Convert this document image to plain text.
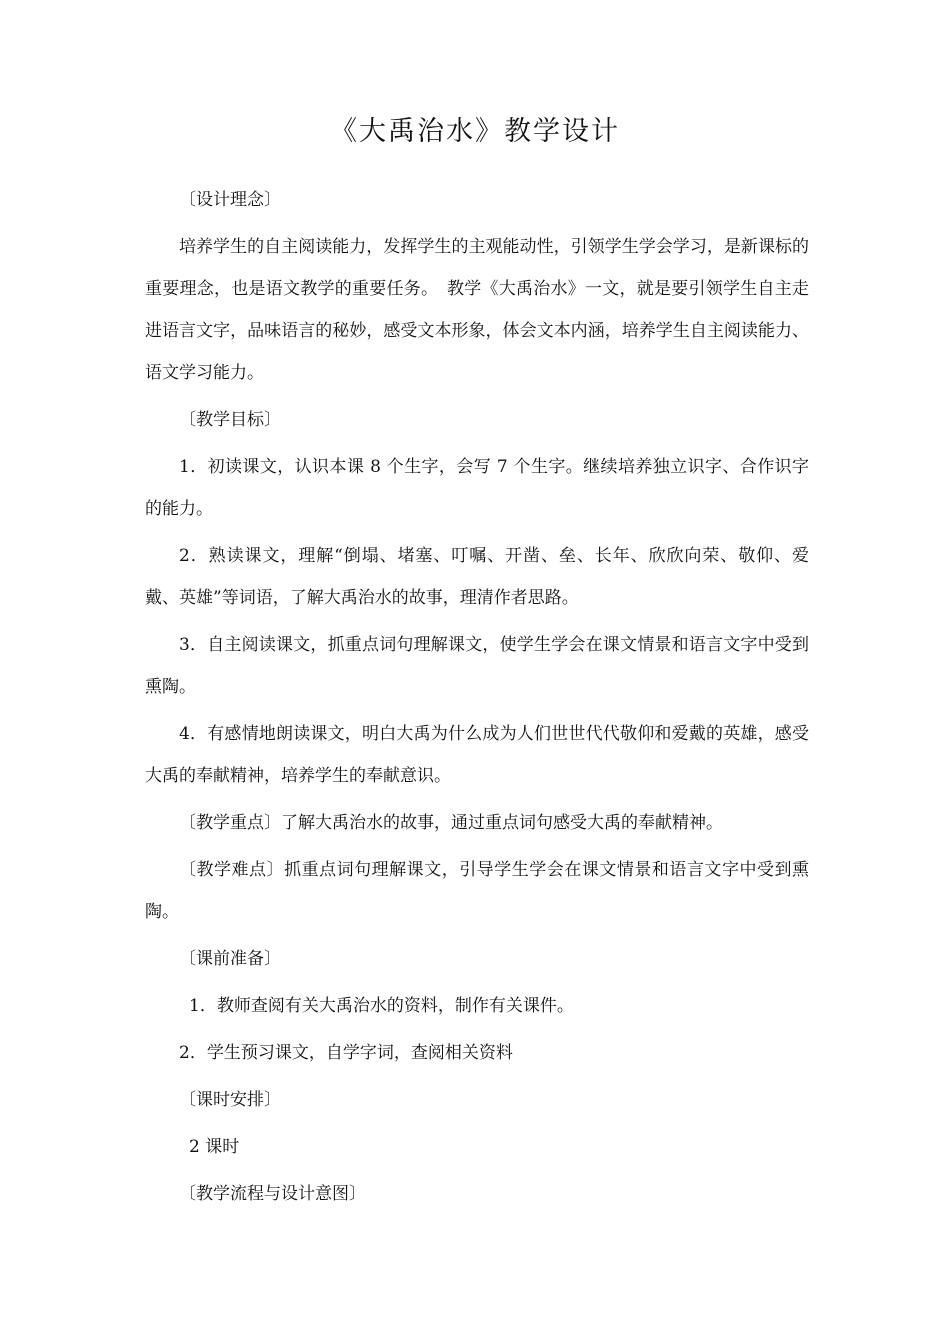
《大禹治水》教学设计

〔设计理念〕

培养学生的自主阅读能力，发挥学生的主观能动性，引领学生学会学习，是新课标的重要理念，也是语文教学的重要任务。　教学《大禹治水》一文，就是要引领学生自主走进语言文字，品味语言的秘妙，感受文本形象，体会文本内涵，培养学生自主阅读能力、语文学习能力。

〔教学目标〕

1．初读课文，认识本课 8 个生字，会写 7 个生字。继续培养独立识字、合作识字的能力。

2．熟读课文，理解“倒塌、堵塞、叮嘱、开凿、垒、长年、欣欣向荣、敬仰、爱戴、英雄”等词语，了解大禹治水的故事，理清作者思路。

3．自主阅读课文，抓重点词句理解课文，使学生学会在课文情景和语言文字中受到熏陶。

4．有感情地朗读课文，明白大禹为什么成为人们世世代代敬仰和爱戴的英雄，感受大禹的奉献精神，培养学生的奉献意识。

〔教学重点〕了解大禹治水的故事，通过重点词句感受大禹的奉献精神。

〔教学难点〕抓重点词句理解课文，引导学生学会在课文情景和语言文字中受到熏陶。

〔课前准备〕

1．教师查阅有关大禹治水的资料，制作有关课件。

2．学生预习课文，自学字词，查阅相关资料

〔课时安排〕

2 课时

〔教学流程与设计意图〕
